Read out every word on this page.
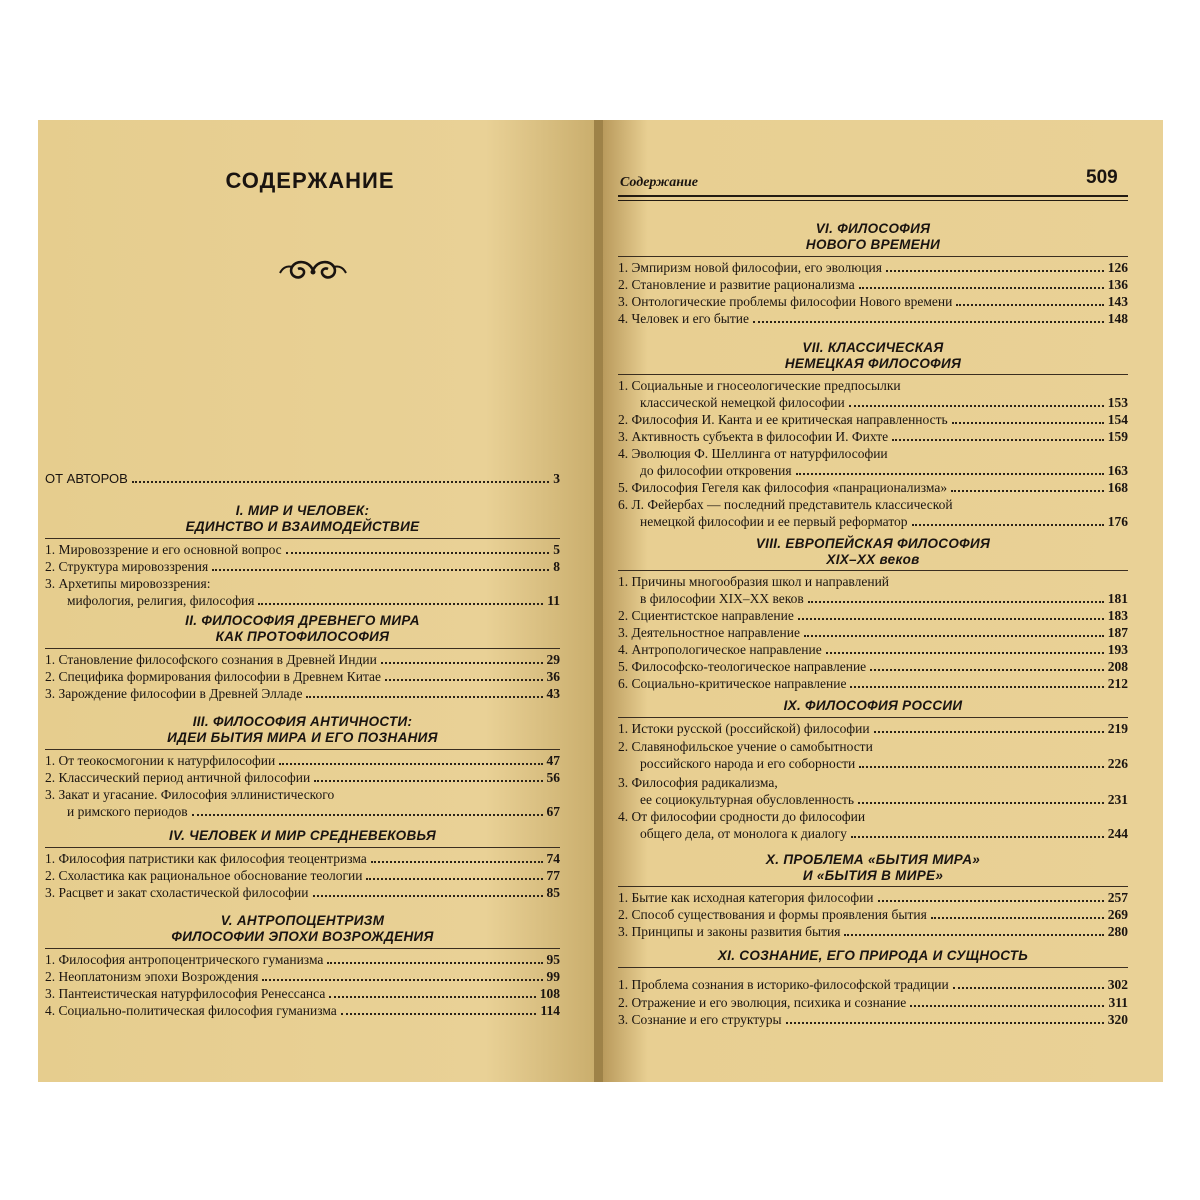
СОДЕРЖАНИЕ
ОТ АВТОРОВ	3
I. МИР И ЧЕЛОВЕК:
ЕДИНСТВО И ВЗАИМОДЕЙСТВИЕ
1. Мировоззрение и его основной вопрос	5
2. Структура мировоззрения	8
3. Архетипы мировоззрения:
мифология, религия, философия	11
II. ФИЛОСОФИЯ ДРЕВНЕГО МИРА
КАК ПРОТОФИЛОСОФИЯ
1. Становление философского сознания в Древней Индии	29
2. Специфика формирования философии в Древнем Китае	36
3. Зарождение философии в Древней Элладе	43
III. ФИЛОСОФИЯ АНТИЧНОСТИ:
ИДЕИ БЫТИЯ МИРА И ЕГО ПОЗНАНИЯ
1. От теокосмогонии к натурфилософии	47
2. Классический период античной философии	56
3. Закат и угасание. Философия эллинистического
и римского периодов	67
IV. ЧЕЛОВЕК И МИР СРЕДНЕВЕКОВЬЯ
1. Философия патристики как философия теоцентризма	74
2. Схоластика как рациональное обоснование теологии	77
3. Расцвет и закат схоластической философии	85
V. АНТРОПОЦЕНТРИЗМ
ФИЛОСОФИИ ЭПОХИ ВОЗРОЖДЕНИЯ
1. Философия антропоцентрического гуманизма	95
2. Неоплатонизм эпохи Возрождения	99
3. Пантеистическая натурфилософия Ренессанса	108
4. Социально-политическая философия гуманизма	114
Содержание	509
VI. ФИЛОСОФИЯ
НОВОГО ВРЕМЕНИ
1. Эмпиризм новой философии, его эволюция	126
2. Становление и развитие рационализма	136
3. Онтологические проблемы философии Нового времени	143
4. Человек и его бытие	148
VII. КЛАССИЧЕСКАЯ
НЕМЕЦКАЯ ФИЛОСОФИЯ
1. Социальные и гносеологические предпосылки
классической немецкой философии	153
2. Философия И. Канта и ее критическая направленность	154
3. Активность субъекта в философии И. Фихте	159
4. Эволюция Ф. Шеллинга от натурфилософии
до философии откровения	163
5. Философия Гегеля как философия «панрационализма»	168
6. Л. Фейербах — последний представитель классической
немецкой философии и ее первый реформатор	176
VIII. ЕВРОПЕЙСКАЯ ФИЛОСОФИЯ
XIX–XX веков
1. Причины многообразия школ и направлений
в философии XIX–XX веков	181
2. Сциентистское направление	183
3. Деятельностное направление	187
4. Антропологическое направление	193
5. Философско-теологическое направление	208
6. Социально-критическое направление	212
IX. ФИЛОСОФИЯ РОССИИ
1. Истоки русской (российской) философии	219
2. Славянофильское учение о самобытности
российского народа и его соборности	226
3. Философия радикализма,
ее социокультурная обусловленность	231
4. От философии сродности до философии
общего дела, от монолога к диалогу	244
X. ПРОБЛЕМА «БЫТИЯ МИРА»
И «БЫТИЯ В МИРЕ»
1. Бытие как исходная категория философии	257
2. Способ существования и формы проявления бытия	269
3. Принципы и законы развития бытия	280
XI. СОЗНАНИЕ, ЕГО ПРИРОДА И СУЩНОСТЬ
1. Проблема сознания в историко-философской традиции	302
2. Отражение и его эволюция, психика и сознание	311
3. Сознание и его структуры	320
